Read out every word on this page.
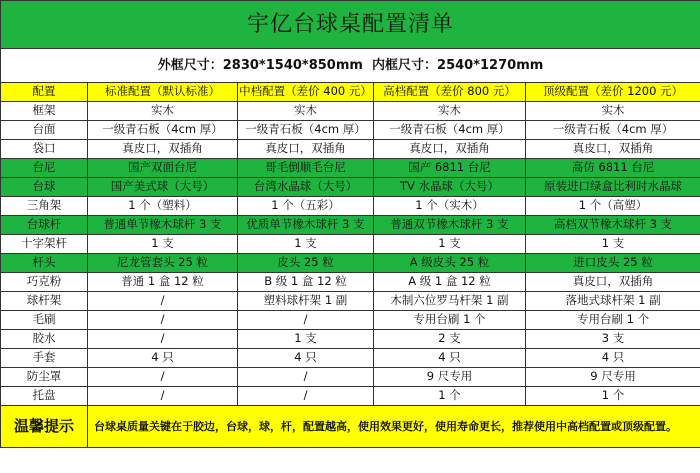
宇亿台球桌配置清单				
外框尺寸：2830*1540*850mm 内框尺寸：2540*1270mm				
配置	标准配置（默认标准）	中档配置（差价 400 元）	高档配置（差价 800 元）	顶级配置（差价 1200 元）
框架	实木	实木	实木	实木
台面	一级青石板（4cm 厚）	一级青石板（4cm 厚）	一级青石板（4cm 厚）	一级青石板（4cm 厚）
袋口	真皮口，双插角	真皮口，双插角	真皮口，双插角	真皮口，双插角
台尼	国产双面台尼	哥毛倒顺毛台尼	国产 6811 台尼	高仿 6811 台尼
台球	国产美式球（大号）	台湾水晶球（大号）	TV 水晶球（大号）	原装进口绿盒比利时水晶球
三角架	1 个（塑料）	1 个（五彩）	1 个（实木）	1 个（高塑）
台球杆	普通单节橡木球杆 3 支	优质单节橡木球杆 3 支	普通双节橡木球杆 3 支	高档双节橡木球杆 3 支
十字架杆	1 支	1 支	1 支	1 支
杆头	尼龙管套头 25 粒	皮头 25 粒	A 级皮头 25 粒	进口皮头 25 粒
巧克粉	普通 1 盒 12 粒	B 级 1 盒 12 粒	A 级 1 盒 12 粒	真皮口，双插角
球杆架	/	塑料球杆架 1 副	木制六位罗马杆架 1 副	落地式球杆架 1 副
毛刷	/	/	专用台刷 1 个	专用台刷 1 个
胶水	/	1 支	2 支	3 支
手套	4 只	4 只	4 只	4 只
防尘罩	/	/	9 尺专用	9 尺专用
托盘	/	/	1 个	1 个
温馨提示	台球桌质量关键在于胶边，台球，球，杆，配置越高，使用效果更好，使用寿命更长，推荐使用中高档配置或顶级配置。			
